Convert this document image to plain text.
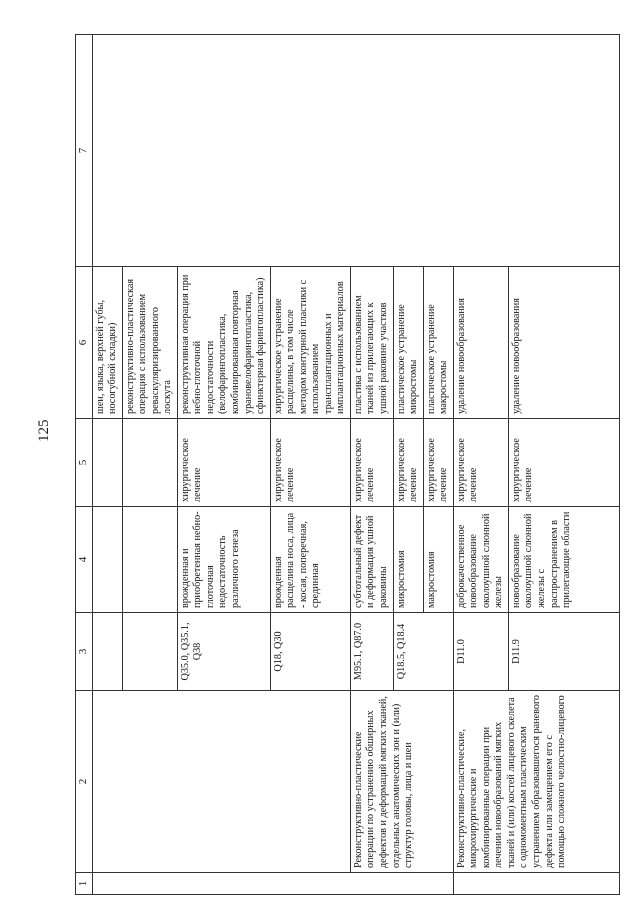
125
1	2	3	4	5	6	7
					шеи, языка, верхней губы, носогубной складки)	
					реконструктивно-пластическая операция с использованием реваскуляризированного лоскута	
		Q35.0, Q35.1, Q38	врожденная и приобретенная небно-глоточная недостаточность различного генеза	хирургическое лечение	реконструктивная операция при небно-глоточной недостаточности (велофарингопластика, комбинированная повторная урановелофарингопластика, сфинктерная фарингопластика)	
		Q18, Q30	врожденная расщелина носа, лица - косая, поперечная, срединная	хирургическое лечение	хирургическое устранение расщелины, в том числе методом контурной пластики с использованием трансплантационных и имплантационных материалов	
	Реконструктивно-пластические операции по устранению обширных дефектов и деформаций мягких тканей, отдельных анатомических зон и (или) структур головы, лица и шеи	M95.1, Q87.0	субтотальный дефект и деформация ушной раковины	хирургическое лечение	пластика с использованием тканей из прилегающих к ушной раковине участков	
		Q18.5, Q18.4	микростомия	хирургическое лечение	пластическое устранение микростомы	
			макростомия	хирургическое лечение	пластическое устранение макростомы	
	Реконструктивно-пластические, микрохирургические и комбинированные операции при лечении новообразований мягких тканей и (или) костей лицевого скелета с одномоментным пластическим устранением образовавшегося раневого дефекта или замещением его с помощью сложного челюстно-лицевого	D11.0	доброкачественное новообразование околоушной слюнной железы	хирургическое лечение	удаление новообразования	
		D11.9	новообразование околоушной слюнной железы с распространением в прилегающие области	хирургическое лечение	удаление новообразования	
